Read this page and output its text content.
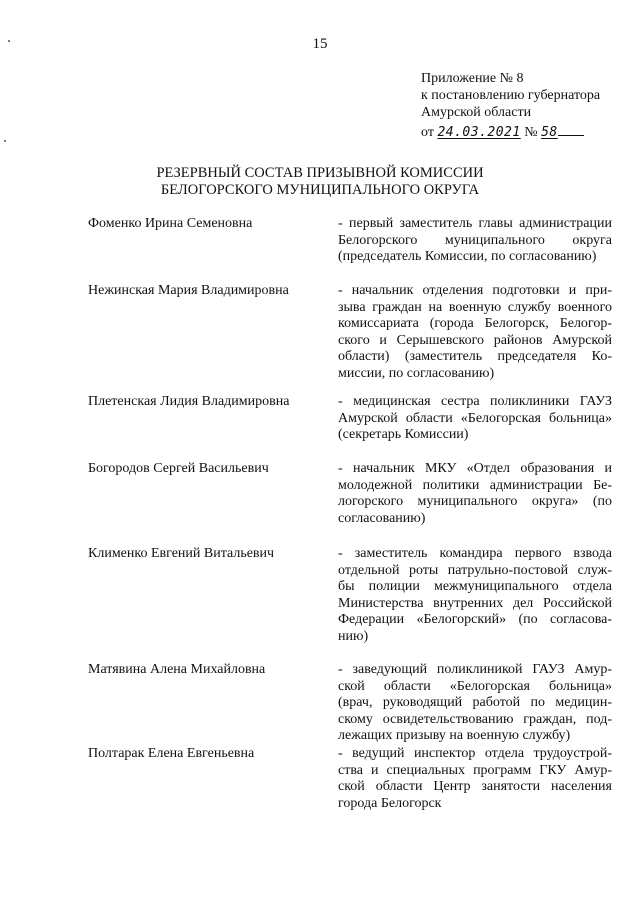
15
Приложение № 8
к постановлению губернатора
Амурской области
от 24.03.2021 № 58
РЕЗЕРВНЫЙ СОСТАВ ПРИЗЫВНОЙ КОМИССИИ
БЕЛОГОРСКОГО МУНИЦИПАЛЬНОГО ОКРУГА
Фоменко Ирина Семеновна	- первый заместитель главы администрации
Белогорского муниципального округа
(председатель Комиссии, по согласованию)
Нежинская Мария Владимировна	- начальник отделения подготовки и при-
зыва граждан на военную службу военного
комиссариата (города Белогорск, Белогор-
ского и Серышевского районов Амурской
области) (заместитель председателя Ко-
миссии, по согласованию)
Плетенская Лидия Владимировна	- медицинская сестра поликлиники ГАУЗ
Амурской области «Белогорская больница»
(секретарь Комиссии)
Богородов Сергей Васильевич	- начальник МКУ «Отдел образования и
молодежной политики администрации Бе-
логорского муниципального округа» (по
согласованию)
Клименко Евгений Витальевич	- заместитель командира первого взвода
отдельной роты патрульно-постовой служ-
бы полиции межмуниципального отдела
Министерства внутренних дел Российской
Федерации «Белогорский» (по согласова-
нию)
Матявина Алена Михайловна	- заведующий поликлиникой ГАУЗ Амур-
ской области «Белогорская больница»
(врач, руководящий работой по медицин-
скому освидетельствованию граждан, под-
лежащих призыву на военную службу)
Полтарак Елена Евгеньевна	- ведущий инспектор отдела трудоустрой-
ства и специальных программ ГКУ Амур-
ской области Центр занятости населения
города Белогорск
